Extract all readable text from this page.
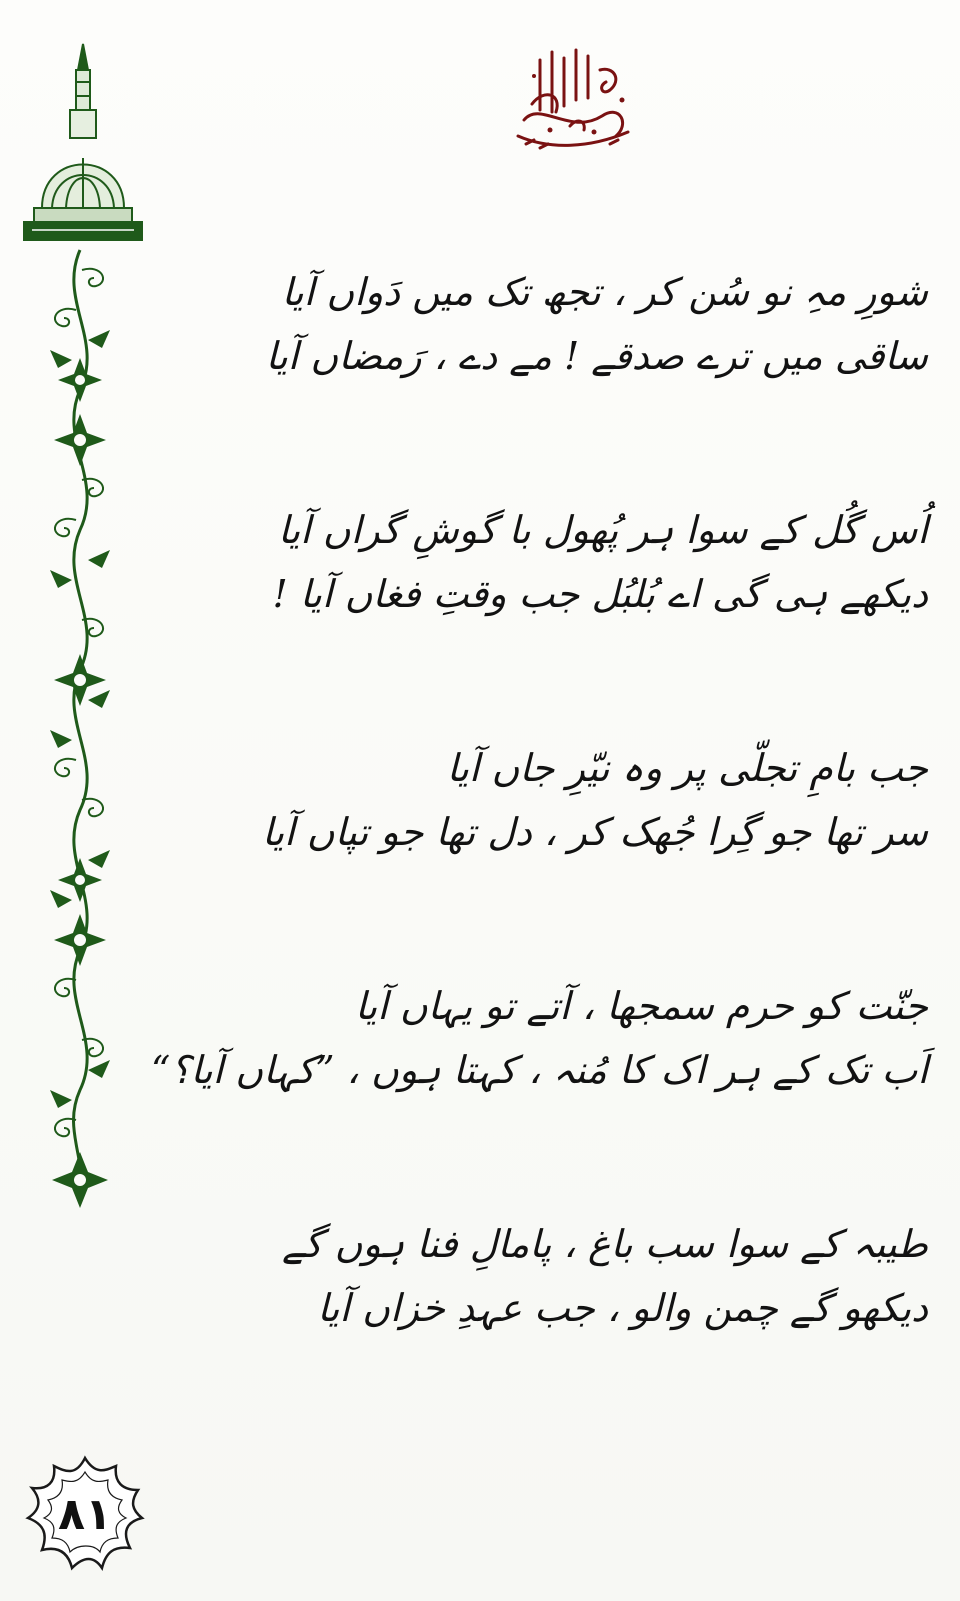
شورِ مہِ نو سُن کر ، تجھ تک میں دَواں آیا
ساقی میں ترے صدقے ! مے دے ، رَمضاں آیا
اُس گُل کے سوا ہر پُھول با گوشِ گراں آیا
دیکھے ہی گی اے بُلبُل جب وقتِ فغاں آیا !
جب بامِ تجلّی پر وہ نیّرِ جاں آیا
سر تھا جو گِرا جُھک کر ، دل تھا جو تپاں آیا
جنّت کو حرم سمجھا ، آتے تو یہاں آیا
اَب تک کے ہر اک کا مُنہ ، کہتا ہوں ، ”کہاں آیا؟“
طیبہ کے سوا سب باغ ، پامالِ فنا ہوں گے
دیکھو گے چمن والو ، جب عہدِ خزاں آیا
٨١
